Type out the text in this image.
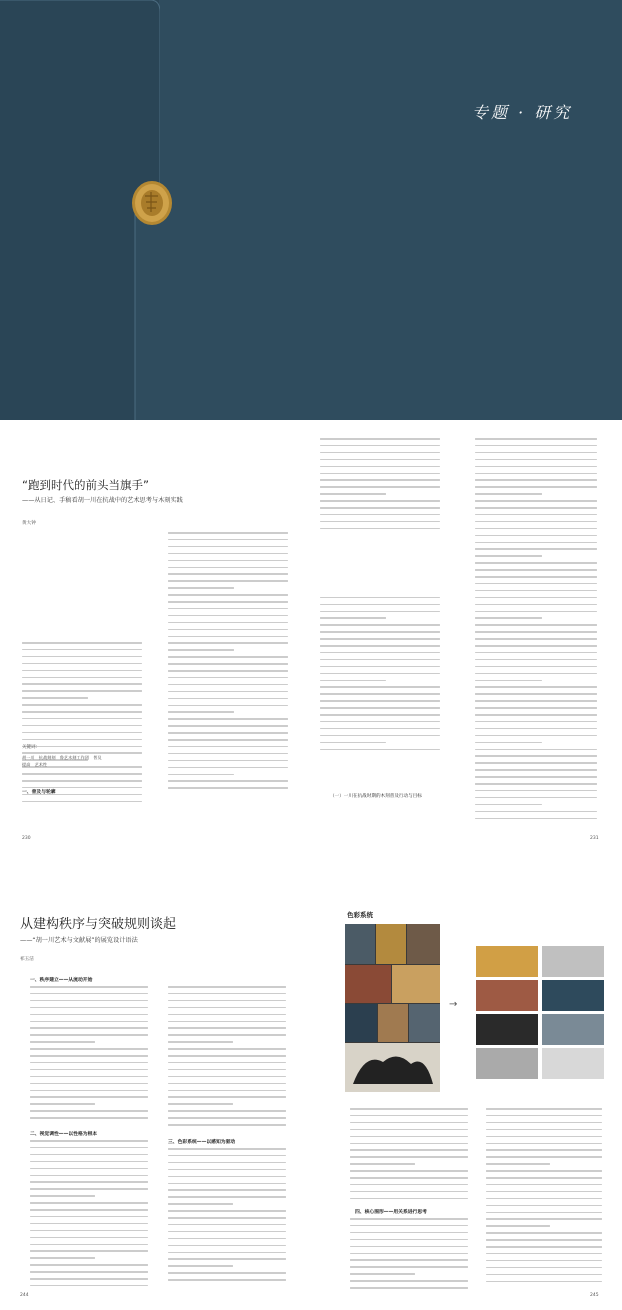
专题 · 研究
“跑到时代的前头当旗手”
——从日记、手稿看胡一川在抗战中的艺术思考与木刻实践
黄大钟
关键词:
胡一川　抗战刻刻　鲁艺木刻工作团　普及　提高　艺术性
一、普及与轮廓
230
（一）一川在抗战时期的木刻普及行动与目标
231
从建构秩序与突破规则谈起
——“胡一川艺术与文献展”的展览设计语法
祁玉洁
一、秩序建立——从流动开始
二、视觉调性——以性格为根本
三、色彩系统——以感知为驱动
四、核心图形——用关系进行思考
色彩系统
→
244	245
